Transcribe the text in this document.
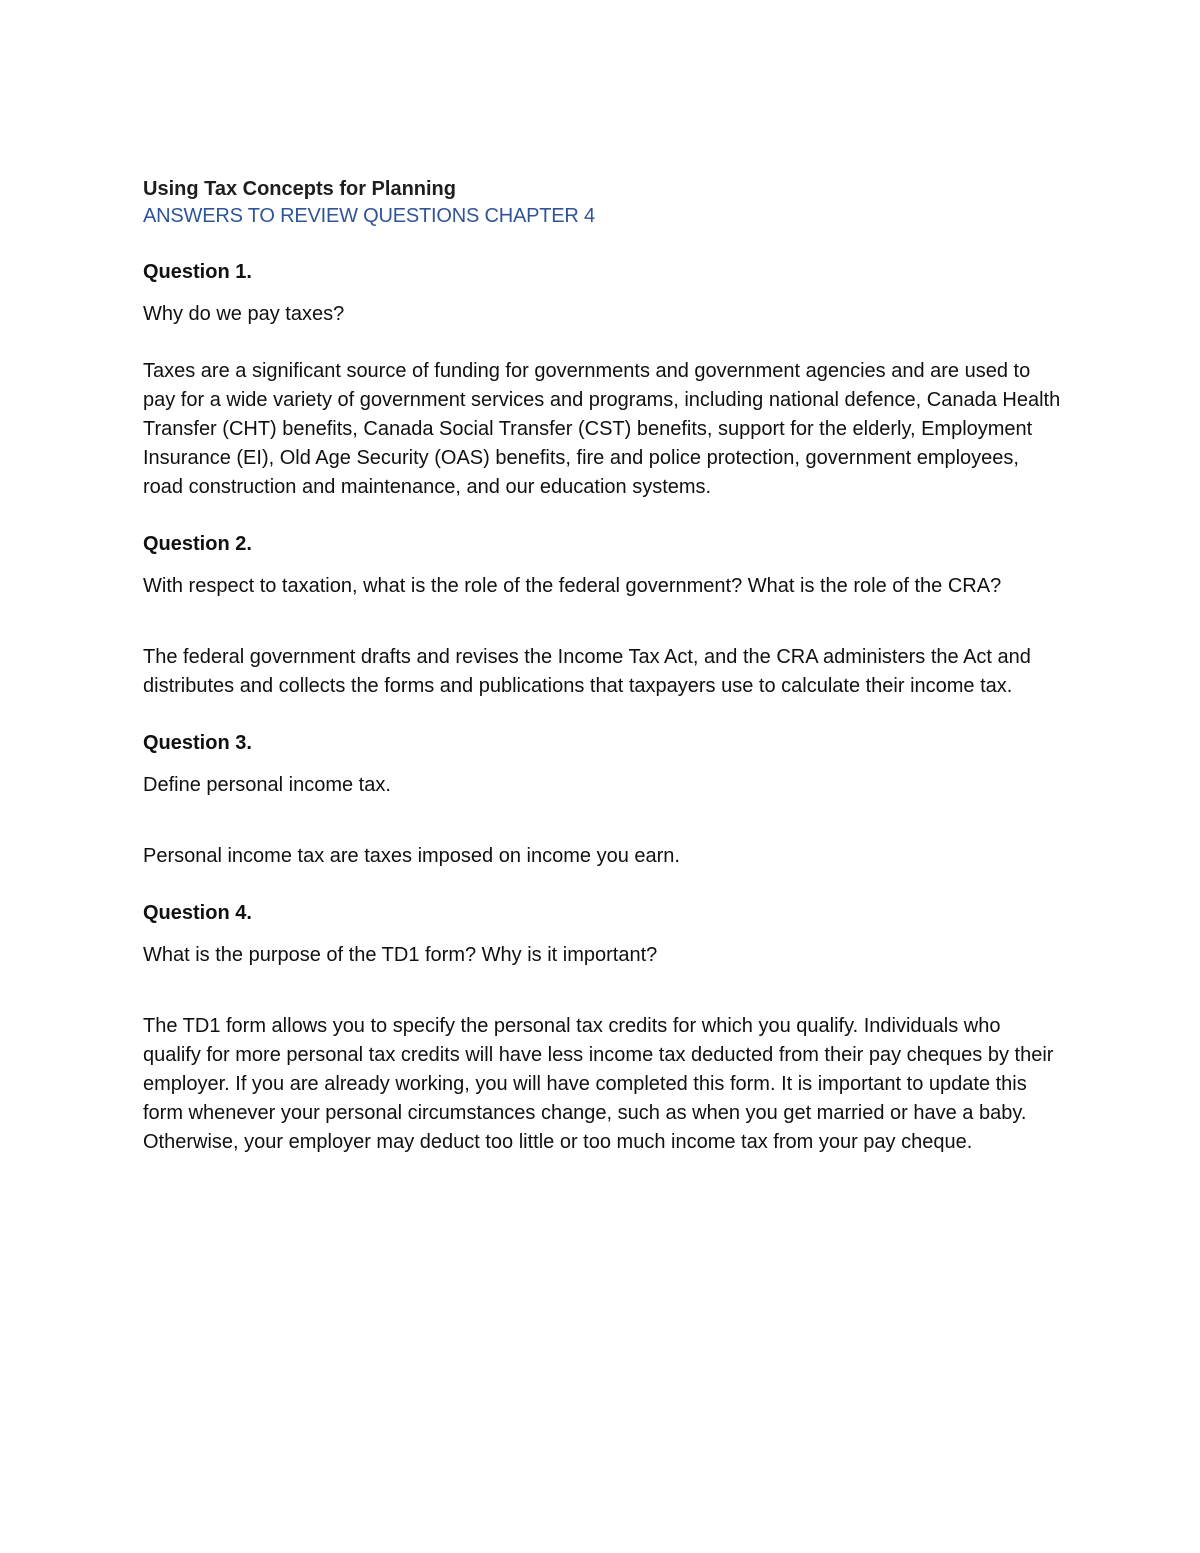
Using Tax Concepts for Planning

ANSWERS TO REVIEW QUESTIONS CHAPTER 4

Question 1.

Why do we pay taxes?

Taxes are a significant source of funding for governments and government agencies and are used to pay for a wide variety of government services and programs, including national defence, Canada Health Transfer (CHT) benefits, Canada Social Transfer (CST) benefits, support for the elderly, Employment Insurance (EI), Old Age Security (OAS) benefits, fire and police protection, government employees, road construction and maintenance, and our education systems.

Question 2.

With respect to taxation, what is the role of the federal government? What is the role of the CRA?

The federal government drafts and revises the Income Tax Act, and the CRA administers the Act and distributes and collects the forms and publications that taxpayers use to calculate their income tax.

Question 3.

Define personal income tax.

Personal income tax are taxes imposed on income you earn.

Question 4.

What is the purpose of the TD1 form? Why is it important?

The TD1 form allows you to specify the personal tax credits for which you qualify. Individuals who qualify for more personal tax credits will have less income tax deducted from their pay cheques by their employer. If you are already working, you will have completed this form. It is important to update this form whenever your personal circumstances change, such as when you get married or have a baby. Otherwise, your employer may deduct too little or too much income tax from your pay cheque.
